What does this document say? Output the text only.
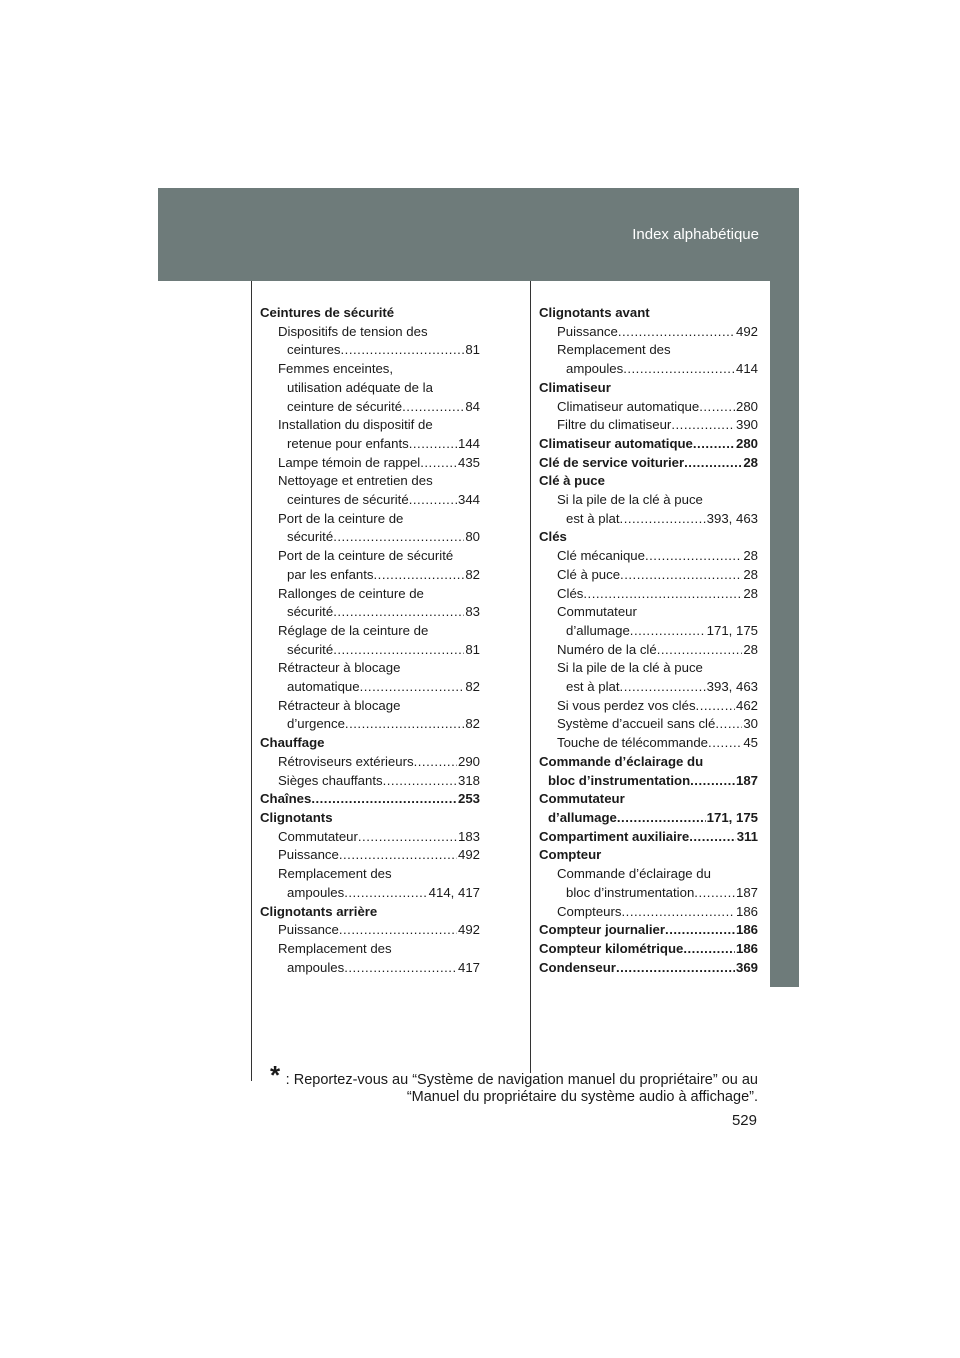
Index alphabétique
Ceintures de sécurité
Dispositifs de tension des
ceintures .....	81
Femmes enceintes,
utilisation adéquate de la
ceinture de sécurité .....	84
Installation du dispositif de
retenue pour enfants .....	144
Lampe témoin de rappel .....	435
Nettoyage et entretien des
ceintures de sécurité .....	344
Port de la ceinture de
sécurité .....	80
Port de la ceinture de sécurité
par les enfants .....	82
Rallonges de ceinture de
sécurité .....	83
Réglage de la ceinture de
sécurité .....	81
Rétracteur à blocage
automatique .....	82
Rétracteur à blocage
d’urgence .....	82
Chauffage
Rétroviseurs extérieurs .....	290
Sièges chauffants .....	318
Chaînes .....	253
Clignotants
Commutateur .....	183
Puissance .....	492
Remplacement des
ampoules .....	414, 417
Clignotants arrière
Puissance .....	492
Remplacement des
ampoules .....	417
Clignotants avant
Puissance .....	492
Remplacement des
ampoules .....	414
Climatiseur
Climatiseur automatique .....	280
Filtre du climatiseur .....	390
Climatiseur automatique .....	280
Clé de service voiturier .....	28
Clé à puce
Si la pile de la clé à puce
est à plat .....	393, 463
Clés
Clé mécanique .....	28
Clé à puce .....	28
Clés .....	28
Commutateur
d’allumage .....	171, 175
Numéro de la clé .....	28
Si la pile de la clé à puce
est à plat .....	393, 463
Si vous perdez vos clés .....	462
Système d’accueil sans clé ..... 30
Touche de télécommande .....	45
Commande d’éclairage du
bloc d’instrumentation .....	187
Commutateur
d’allumage .....	171, 175
Compartiment auxiliaire .....	311
Compteur
Commande d’éclairage du
bloc d’instrumentation .....	187
Compteurs .....	186
Compteur journalier .....	186
Compteur kilométrique .....	186
Condenseur .....	369
* : Reportez-vous au “Système de navigation manuel du propriétaire” ou au “Manuel du propriétaire du système audio à affichage”.
529
